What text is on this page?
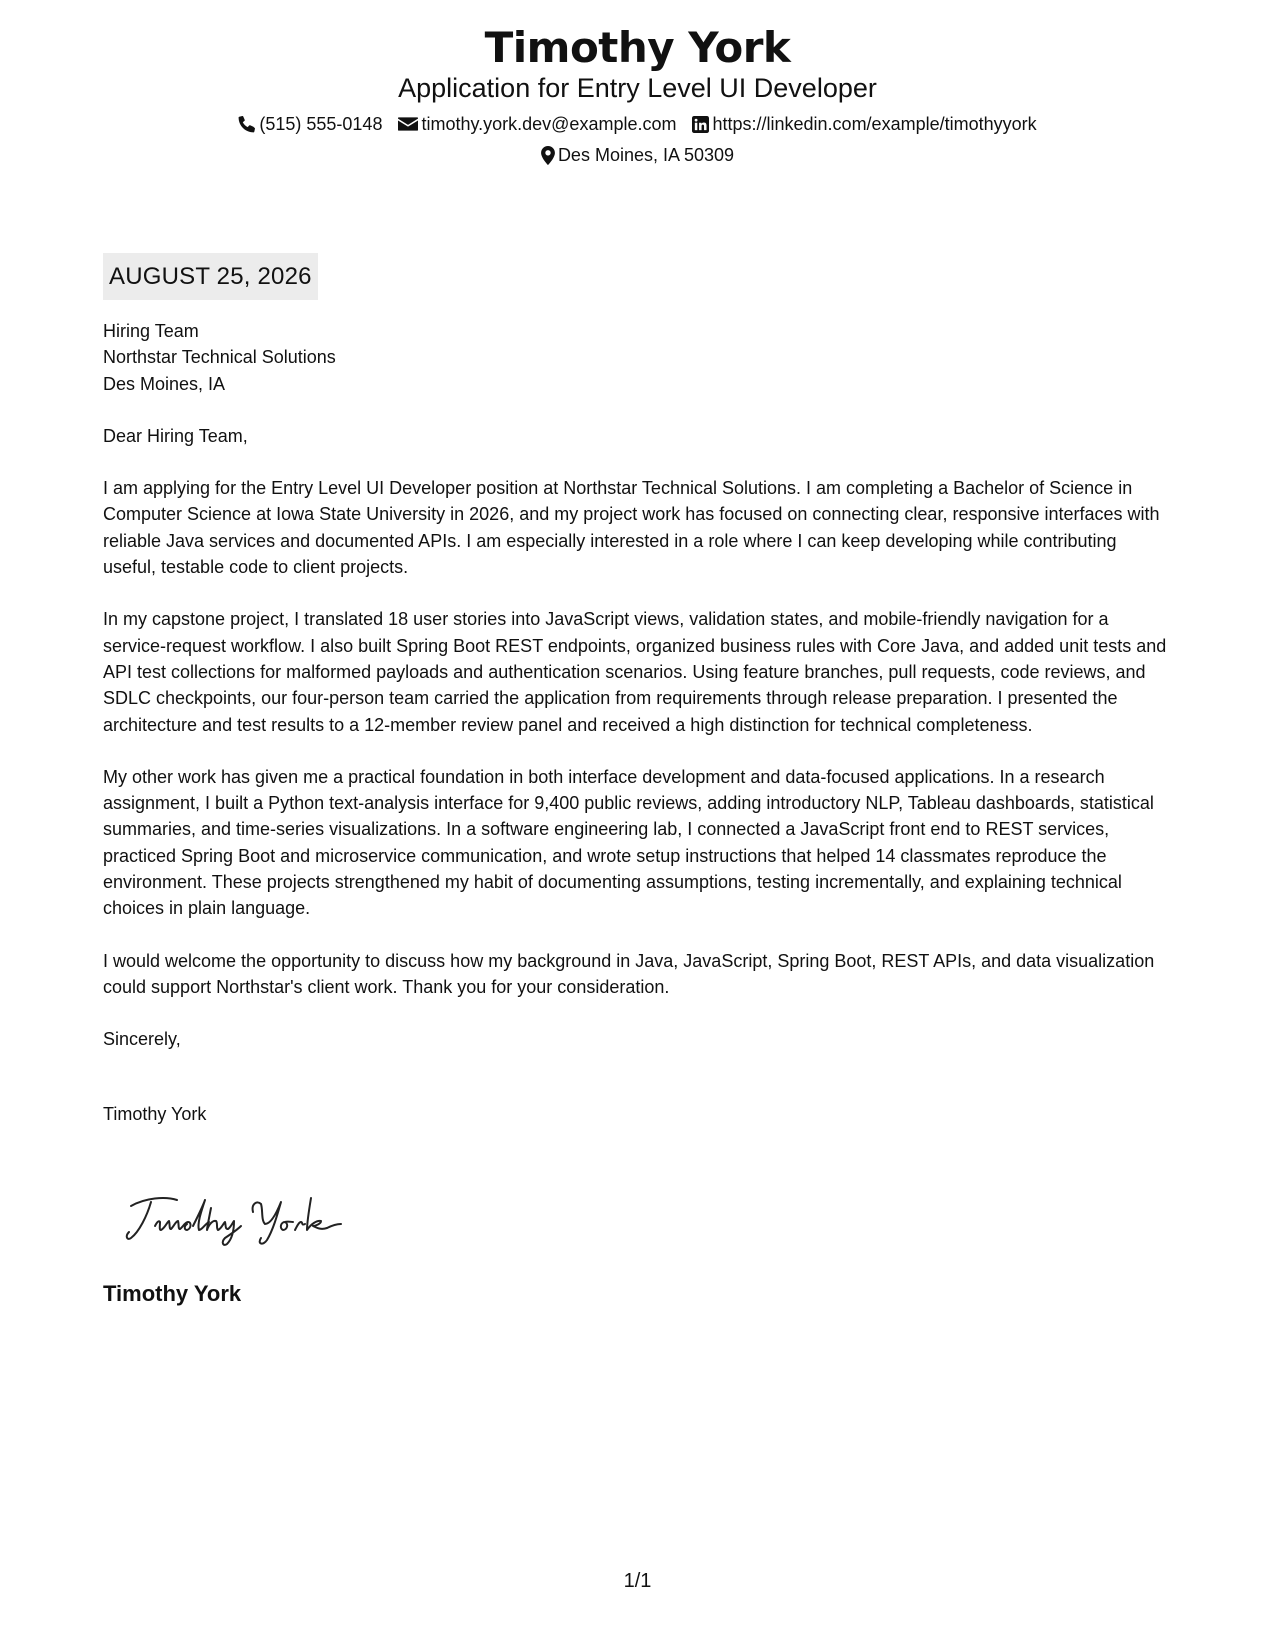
Timothy York
Application for Entry Level UI Developer
(515) 555-0148 timothy.york.dev@example.com https://linkedin.com/example/timothyyork
Des Moines, IA 50309
AUGUST 25, 2026
Hiring Team
Northstar Technical Solutions
Des Moines, IA
Dear Hiring Team,

I am applying for the Entry Level UI Developer position at Northstar Technical Solutions. I am completing a Bachelor of Science in Computer Science at Iowa State University in 2026, and my project work has focused on connecting clear, responsive interfaces with reliable Java services and documented APIs. I am especially interested in a role where I can keep developing while contributing useful, testable code to client projects.

In my capstone project, I translated 18 user stories into JavaScript views, validation states, and mobile-friendly navigation for a service-request workflow. I also built Spring Boot REST endpoints, organized business rules with Core Java, and added unit tests and API test collections for malformed payloads and authentication scenarios. Using feature branches, pull requests, code reviews, and SDLC checkpoints, our four-person team carried the application from requirements through release preparation. I presented the architecture and test results to a 12-member review panel and received a high distinction for technical completeness.

My other work has given me a practical foundation in both interface development and data-focused applications. In a research assignment, I built a Python text-analysis interface for 9,400 public reviews, adding introductory NLP, Tableau dashboards, statistical summaries, and time-series visualizations. In a software engineering lab, I connected a JavaScript front end to REST services, practiced Spring Boot and microservice communication, and wrote setup instructions that helped 14 classmates reproduce the environment. These projects strengthened my habit of documenting assumptions, testing incrementally, and explaining technical choices in plain language.

I would welcome the opportunity to discuss how my background in Java, JavaScript, Spring Boot, REST APIs, and data visualization could support Northstar's client work. Thank you for your consideration.

Sincerely,
Timothy York
Timothy York
1/1
